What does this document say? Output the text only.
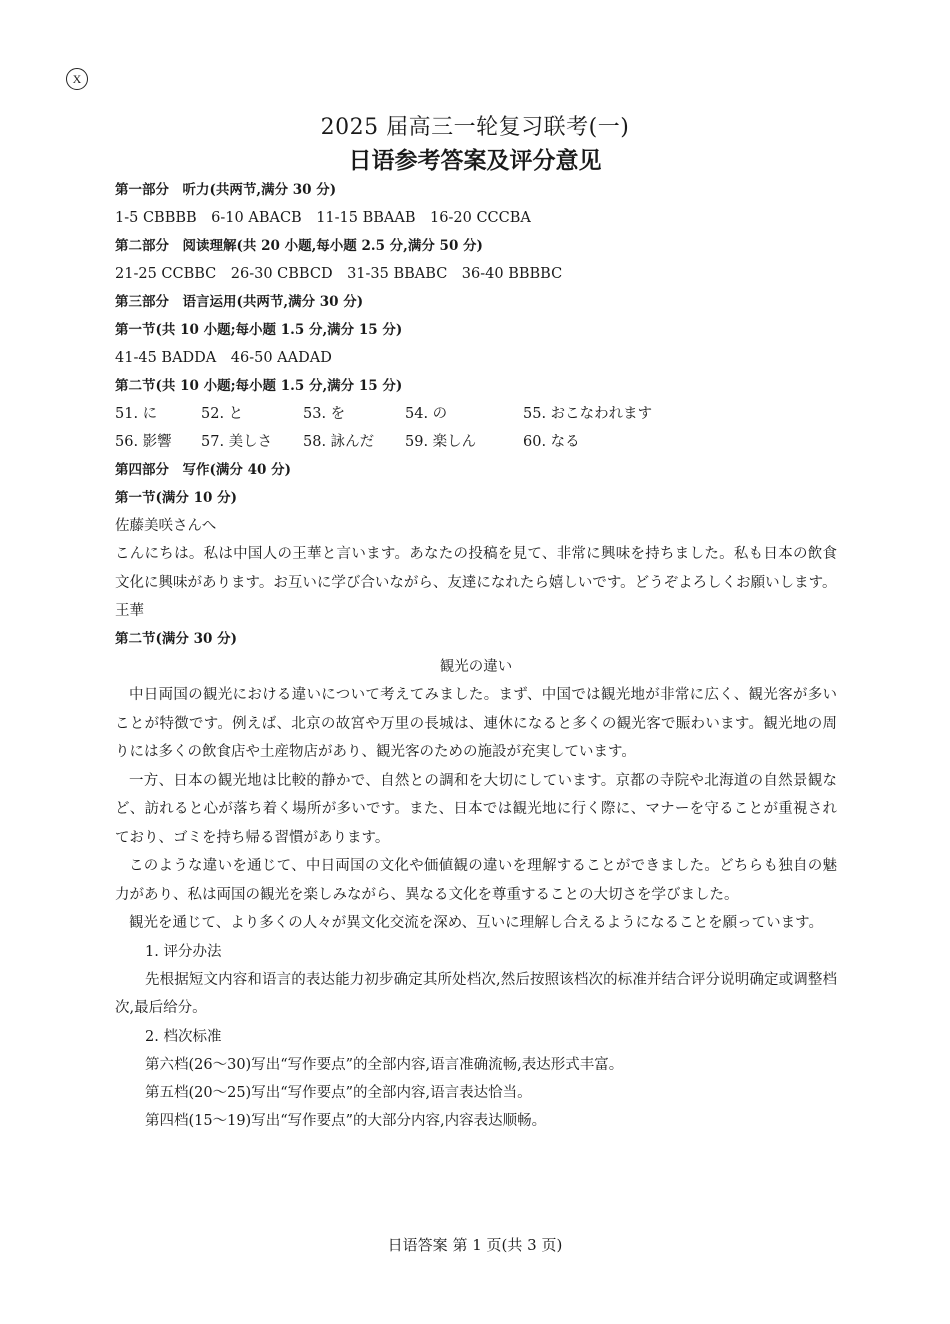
X
2025 届高三一轮复习联考(一)
日语参考答案及评分意见
第一部分　听力(共两节,满分 30 分)
1-5 CBBBB　6-10 ABACB　11-15 BBAAB　16-20 CCCBA
第二部分　阅读理解(共 20 小题,每小题 2.5 分,满分 50 分)
21-25 CCBBC　26-30 CBBCD　31-35 BBABC　36-40 BBBBC
第三部分　语言运用(共两节,满分 30 分)
第一节(共 10 小题;每小题 1.5 分,满分 15 分)
41-45 BADDA　46-50 AADAD
第二节(共 10 小题;每小题 1.5 分,满分 15 分)
51. に	52. と	53. を	54. の	55. おこなわれます
56. 影響	57. 美しさ	58. 詠んだ	59. 楽しん	60. なる
第四部分　写作(满分 40 分)
第一节(满分 10 分)
佐藤美咲さんへ
こんにちは。私は中国人の王華と言います。あなたの投稿を見て、非常に興味を持ちました。私も日本の飲食文化に興味があります。お互いに学び合いながら、友達になれたら嬉しいです。どうぞよろしくお願いします。
王華
第二节(满分 30 分)
観光の違い
中日両国の観光における違いについて考えてみました。まず、中国では観光地が非常に広く、観光客が多いことが特徴です。例えば、北京の故宮や万里の長城は、連休になると多くの観光客で賑わいます。観光地の周りには多くの飲食店や土産物店があり、観光客のための施設が充実しています。
一方、日本の観光地は比較的静かで、自然との調和を大切にしています。京都の寺院や北海道の自然景観など、訪れると心が落ち着く場所が多いです。また、日本では観光地に行く際に、マナーを守ることが重視されており、ゴミを持ち帰る習慣があります。
このような違いを通じて、中日両国の文化や価値観の違いを理解することができました。どちらも独自の魅力があり、私は両国の観光を楽しみながら、異なる文化を尊重することの大切さを学びました。
観光を通じて、より多くの人々が異文化交流を深め、互いに理解し合えるようになることを願っています。
1. 评分办法
先根据短文内容和语言的表达能力初步确定其所处档次,然后按照该档次的标准并结合评分说明确定或调整档次,最后给分。
2. 档次标准
第六档(26～30)写出“写作要点”的全部内容,语言准确流畅,表达形式丰富。
第五档(20～25)写出“写作要点”的全部内容,语言表达恰当。
第四档(15～19)写出“写作要点”的大部分内容,内容表达顺畅。
日语答案 第 1 页(共 3 页)
